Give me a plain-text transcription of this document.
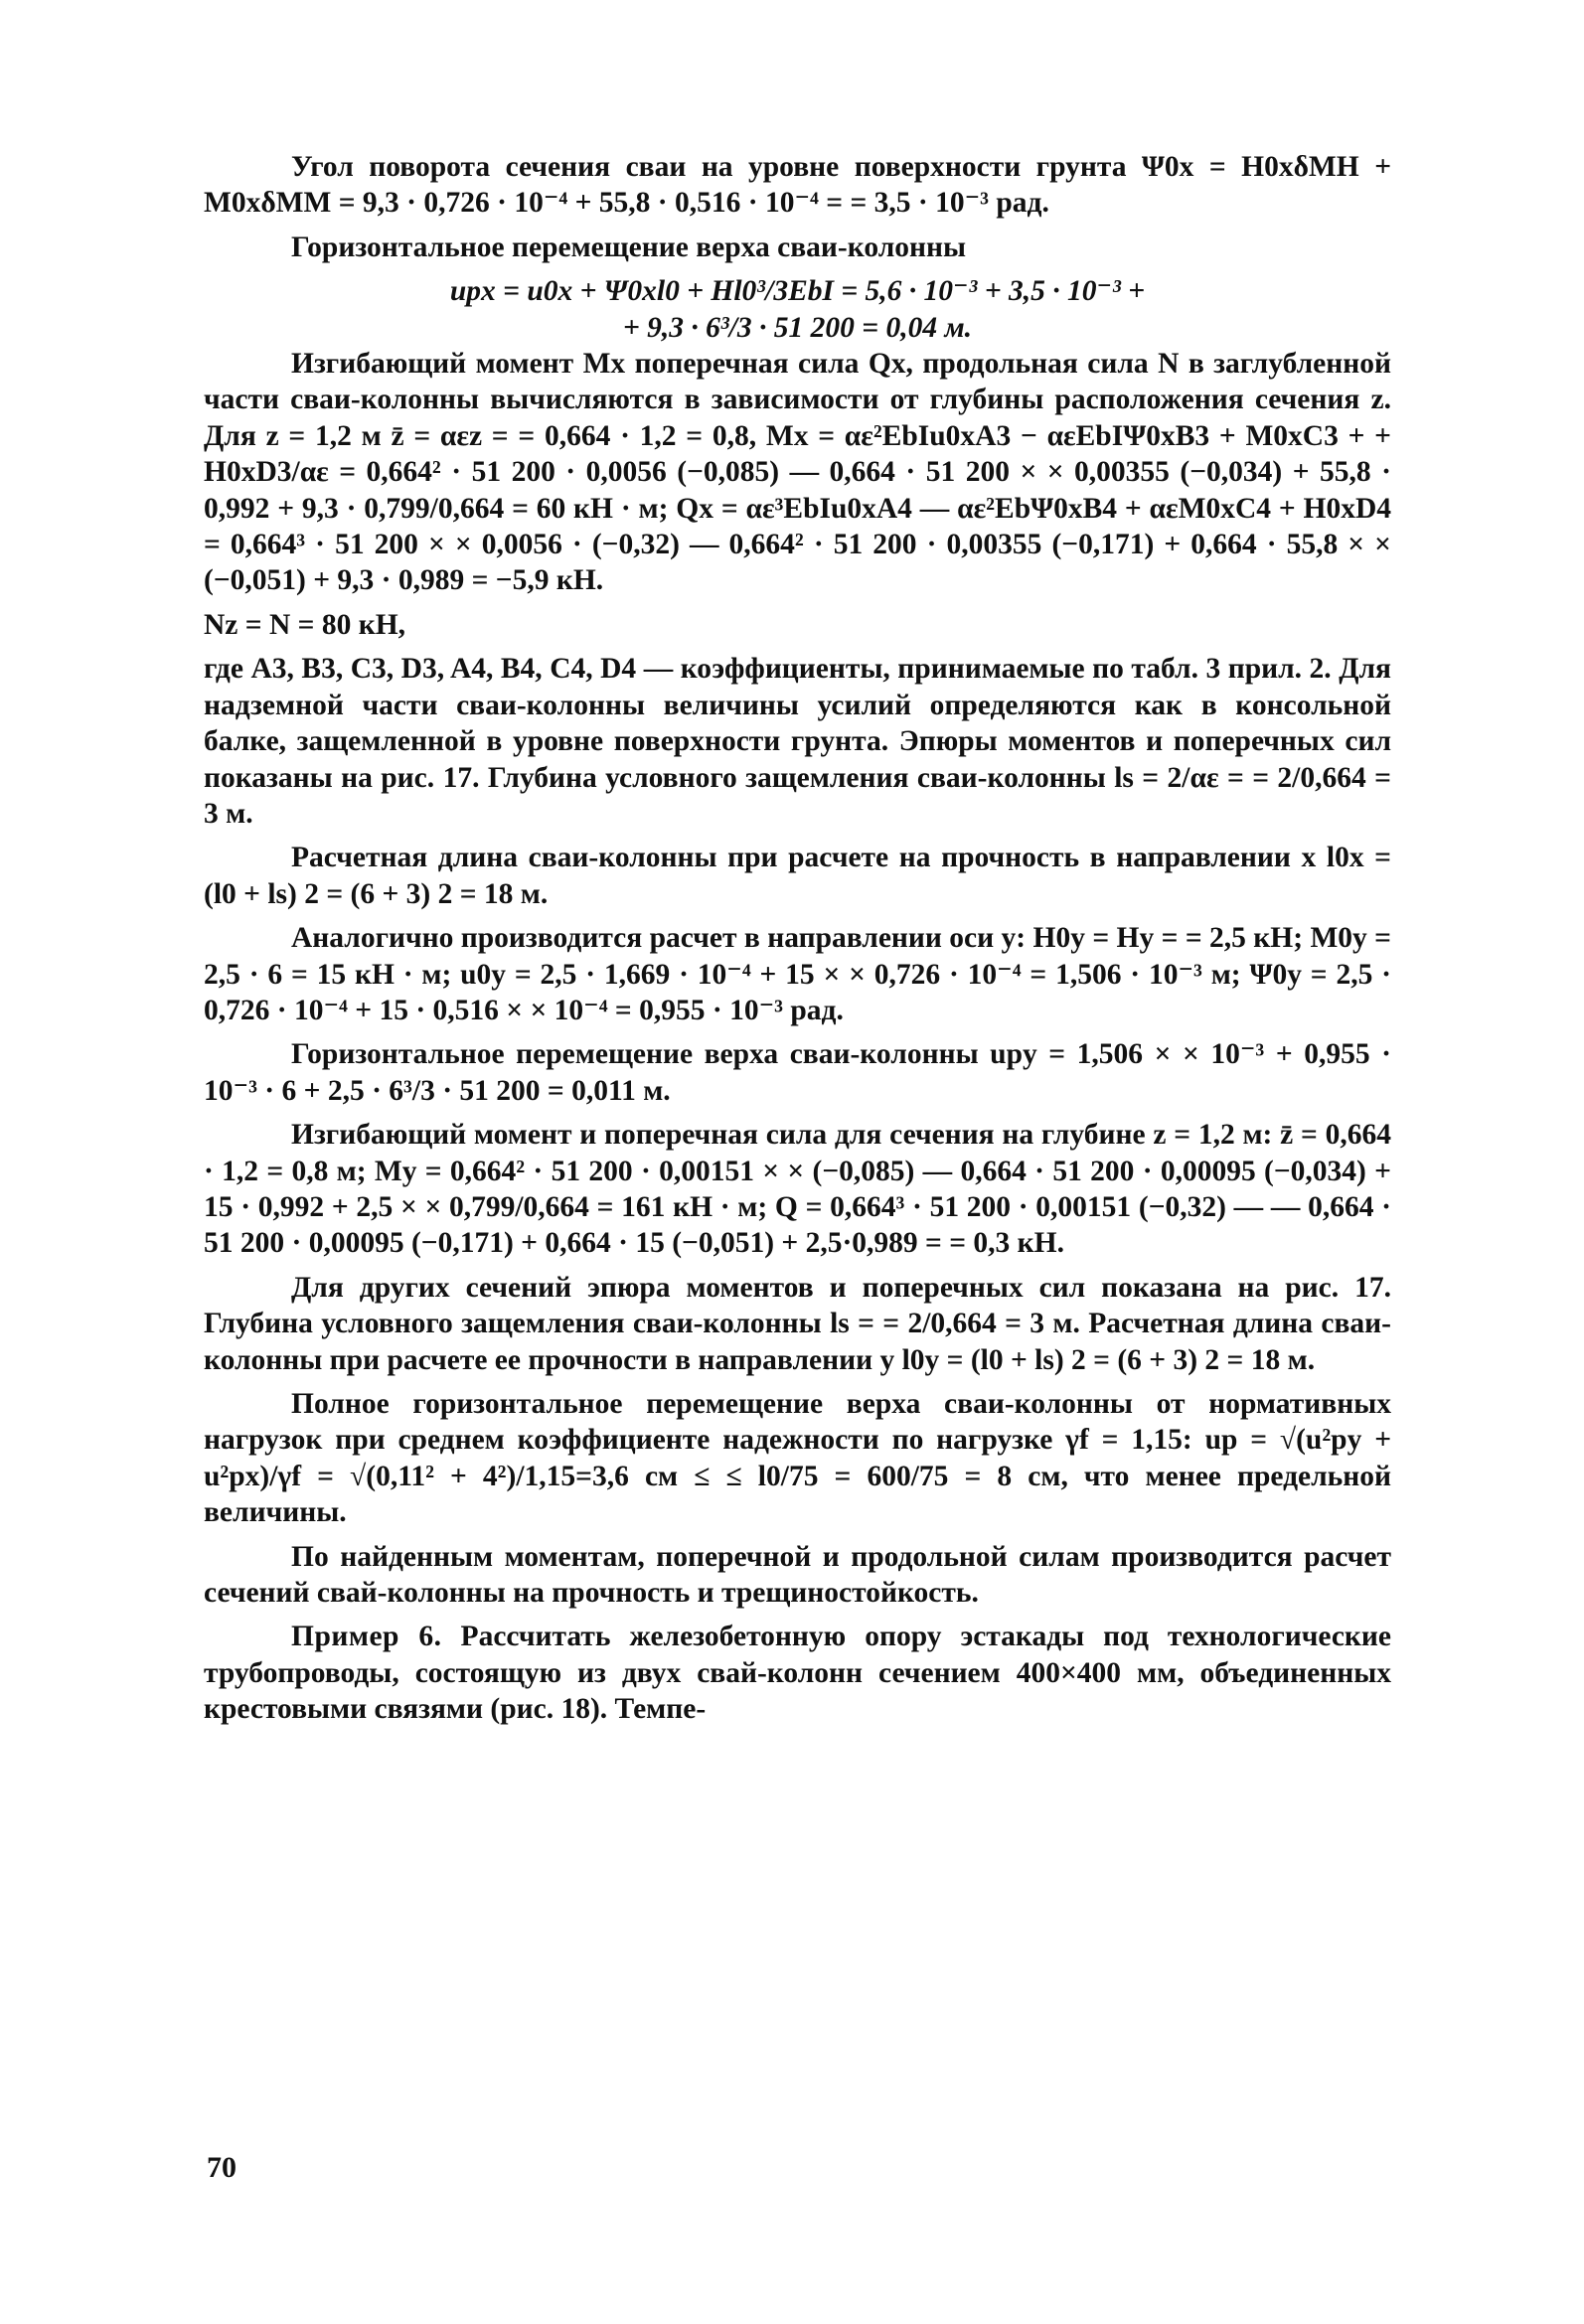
Угол поворота сечения сваи на уровне поверхности грунта Ψ0x = H0xδMH + M0xδMM = 9,3 · 0,726 · 10⁻⁴ + 55,8 · 0,516 · 10⁻⁴ = = 3,5 · 10⁻³ рад.

Горизонтальное перемещение верха сваи-колонны

upx = u0x + Ψ0xl0 + Hl0³/3EbI = 5,6 · 10⁻³ + 3,5 · 10⁻³ +

+ 9,3 · 6³/3 · 51 200 = 0,04 м.

Изгибающий момент Mx поперечная сила Qx, продольная сила N в заглубленной части сваи-колонны вычисляются в зависимости от глубины расположения сечения z. Для z = 1,2 м z̄ = αεz = = 0,664 · 1,2 = 0,8, Mx = αε²EbIu0xA3 − αεEbIΨ0xB3 + M0xC3 + + H0xD3/αε = 0,664² · 51 200 · 0,0056 (−0,085) — 0,664 · 51 200 × × 0,00355 (−0,034) + 55,8 · 0,992 + 9,3 · 0,799/0,664 = 60 кН · м; Qx = αε³EbIu0xA4 — αε²EbΨ0xB4 + αεM0xC4 + H0xD4 = 0,664³ · 51 200 × × 0,0056 · (−0,32) — 0,664² · 51 200 · 0,00355 (−0,171) + 0,664 · 55,8 × × (−0,051) + 9,3 · 0,989 = −5,9 кН.

Nz = N = 80 кН,

где A3, B3, C3, D3, A4, B4, C4, D4 — коэффициенты, принимаемые по табл. 3 прил. 2. Для надземной части сваи-колонны величины усилий определяются как в консольной балке, защемленной в уровне поверхности грунта. Эпюры моментов и поперечных сил показаны на рис. 17. Глубина условного защемления сваи-колонны ls = 2/αε = = 2/0,664 = 3 м.

Расчетная длина сваи-колонны при расчете на прочность в направлении x l0x = (l0 + ls) 2 = (6 + 3) 2 = 18 м.

Аналогично производится расчет в направлении оси y: H0y = Hy = = 2,5 кН; M0y = 2,5 · 6 = 15 кН · м; u0y = 2,5 · 1,669 · 10⁻⁴ + 15 × × 0,726 · 10⁻⁴ = 1,506 · 10⁻³ м; Ψ0y = 2,5 · 0,726 · 10⁻⁴ + 15 · 0,516 × × 10⁻⁴ = 0,955 · 10⁻³ рад.

Горизонтальное перемещение верха сваи-колонны upy = 1,506 × × 10⁻³ + 0,955 · 10⁻³ · 6 + 2,5 · 6³/3 · 51 200 = 0,011 м.

Изгибающий момент и поперечная сила для сечения на глубине z = 1,2 м: z̄ = 0,664 · 1,2 = 0,8 м; My = 0,664² · 51 200 · 0,00151 × × (−0,085) — 0,664 · 51 200 · 0,00095 (−0,034) + 15 · 0,992 + 2,5 × × 0,799/0,664 = 161 кН · м; Q = 0,664³ · 51 200 · 0,00151 (−0,32) — — 0,664 · 51 200 · 0,00095 (−0,171) + 0,664 · 15 (−0,051) + 2,5·0,989 = = 0,3 кН.

Для других сечений эпюра моментов и поперечных сил показана на рис. 17. Глубина условного защемления сваи-колонны ls = = 2/0,664 = 3 м. Расчетная длина сваи-колонны при расчете ее прочности в направлении y l0y = (l0 + ls) 2 = (6 + 3) 2 = 18 м.

Полное горизонтальное перемещение верха сваи-колонны от нормативных нагрузок при среднем коэффициенте надежности по нагрузке γf = 1,15: up = √(u²py + u²px)/γf = √(0,11² + 4²)/1,15=3,6 см ≤ ≤ l0/75 = 600/75 = 8 см, что менее предельной величины.

По найденным моментам, поперечной и продольной силам производится расчет сечений свай-колонны на прочность и трещиностойкость.

Пример 6. Рассчитать железобетонную опору эстакады под технологические трубопроводы, состоящую из двух свай-колонн сечением 400×400 мм, объединенных крестовыми связями (рис. 18). Темпе-

70
